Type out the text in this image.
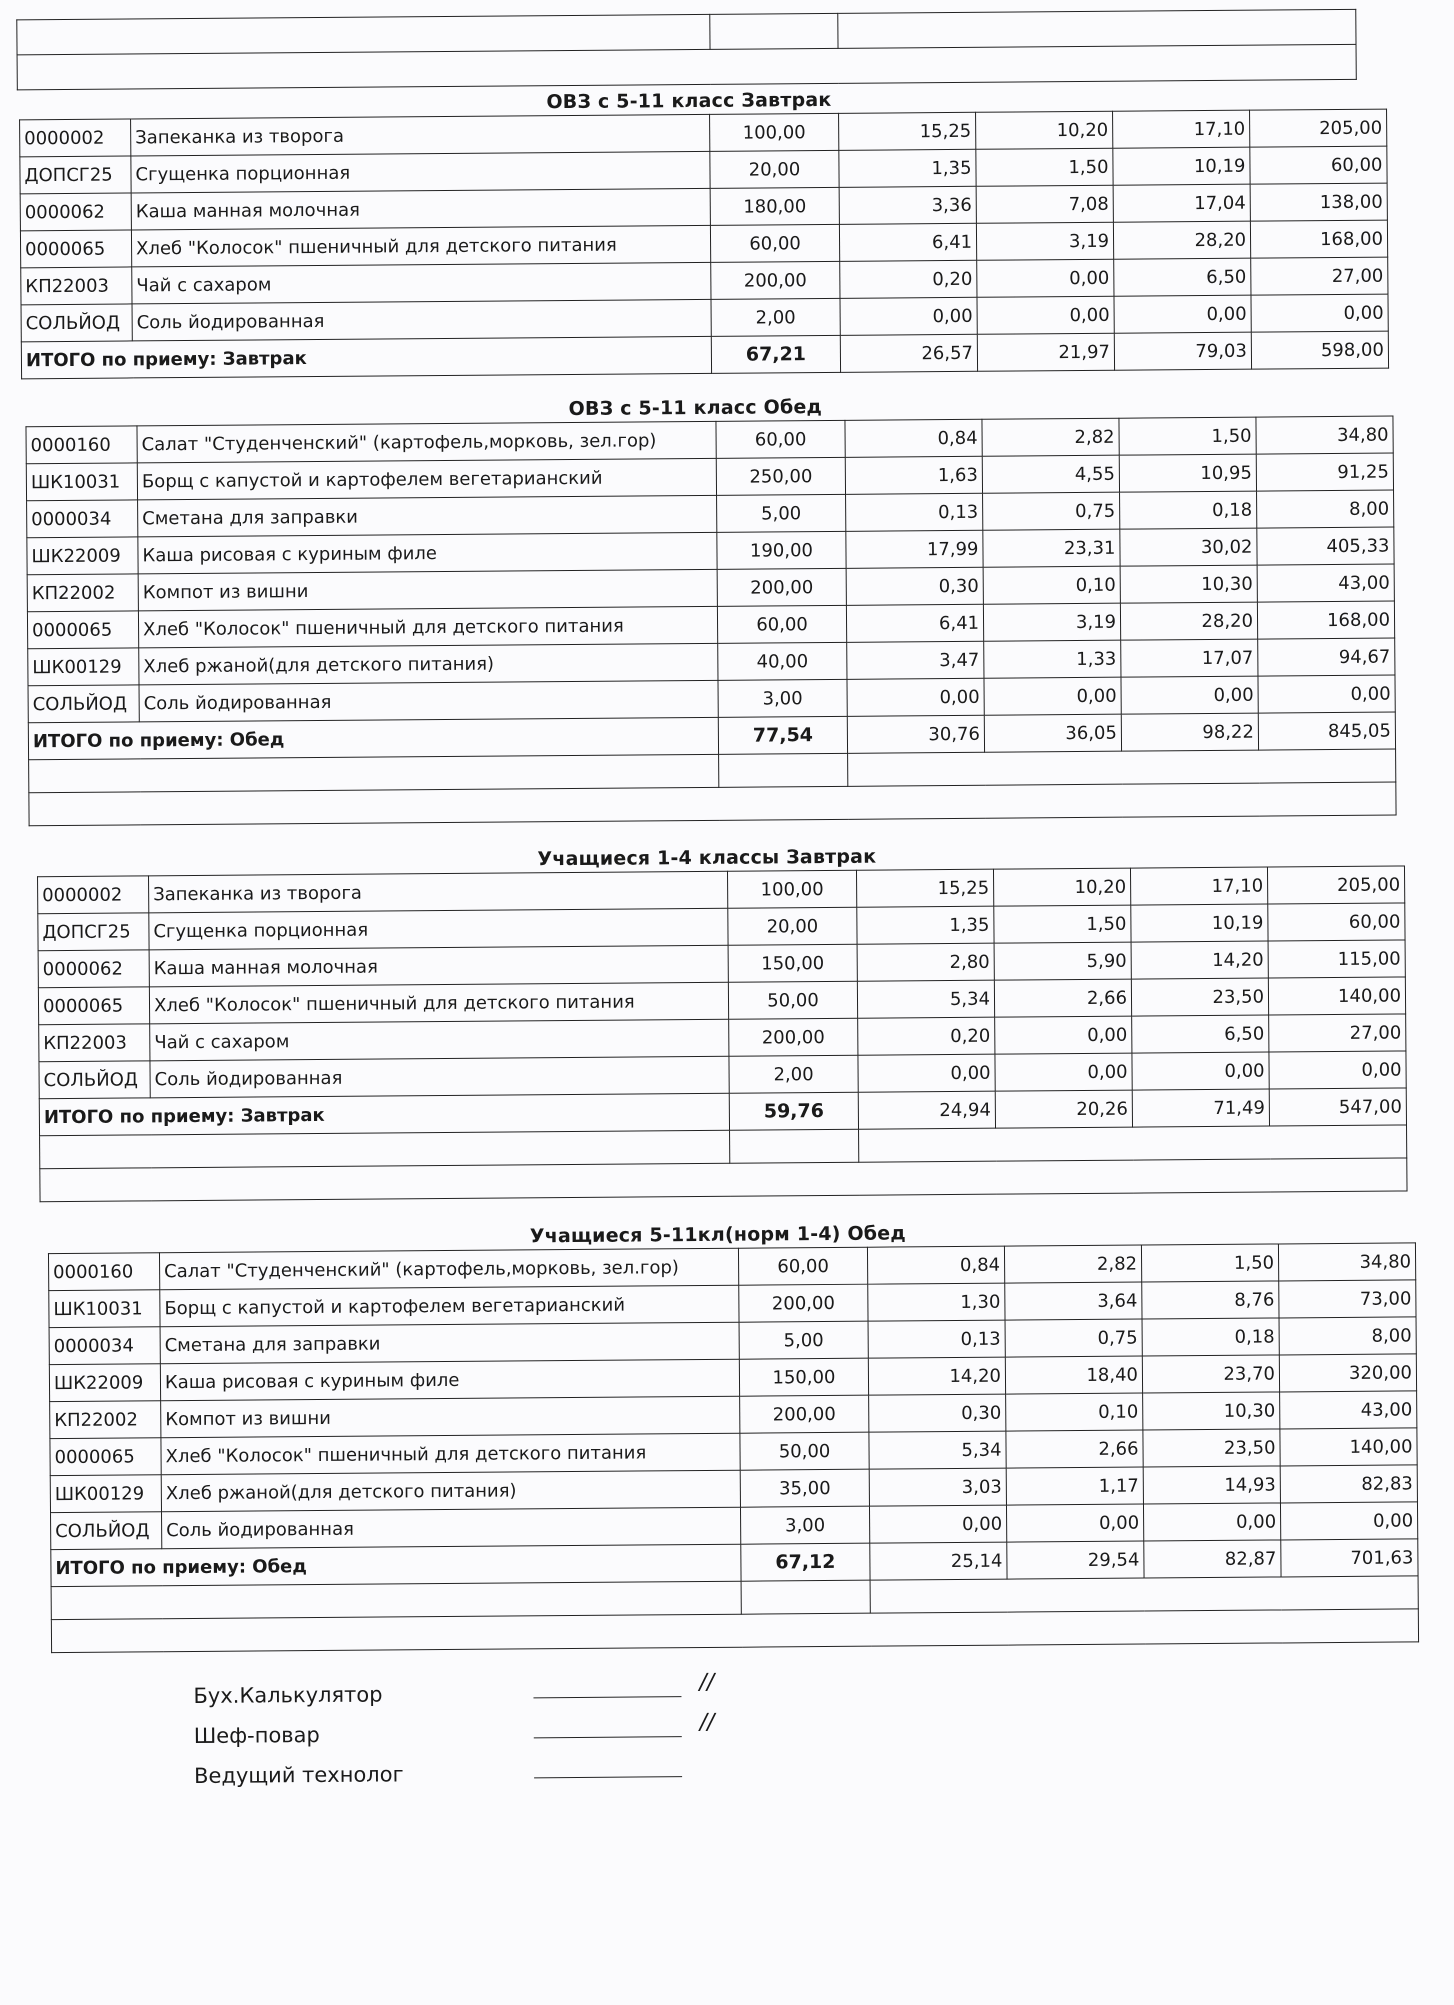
ОВЗ с 5-11 класс Завтрак
0000002	Запеканка из творога	100,00	15,25	10,20	17,10	205,00
ДОПСГ25	Сгущенка порционная	20,00	1,35	1,50	10,19	60,00
0000062	Каша манная молочная	180,00	3,36	7,08	17,04	138,00
0000065	Хлеб "Колосок" пшеничный для детского питания	60,00	6,41	3,19	28,20	168,00
КП22003	Чай с сахаром	200,00	0,20	0,00	6,50	27,00
СОЛЬЙОД	Соль йодированная	2,00	0,00	0,00	0,00	0,00
ИТОГО по приему: Завтрак		67,21	26,57	21,97	79,03	598,00
ОВЗ с 5-11 класс Обед
0000160	Салат "Студенченский" (картофель,морковь, зел.гор)	60,00	0,84	2,82	1,50	34,80
ШК10031	Борщ с капустой и картофелем вегетарианский	250,00	1,63	4,55	10,95	91,25
0000034	Сметана для заправки	5,00	0,13	0,75	0,18	8,00
ШК22009	Каша рисовая с куриным филе	190,00	17,99	23,31	30,02	405,33
КП22002	Компот из вишни	200,00	0,30	0,10	10,30	43,00
0000065	Хлеб "Колосок" пшеничный для детского питания	60,00	6,41	3,19	28,20	168,00
ШК00129	Хлеб ржаной(для детского питания)	40,00	3,47	1,33	17,07	94,67
СОЛЬЙОД	Соль йодированная	3,00	0,00	0,00	0,00	0,00
ИТОГО по приему: Обед		77,54	30,76	36,05	98,22	845,05

Учащиеся 1-4 классы Завтрак
0000002	Запеканка из творога	100,00	15,25	10,20	17,10	205,00
ДОПСГ25	Сгущенка порционная	20,00	1,35	1,50	10,19	60,00
0000062	Каша манная молочная	150,00	2,80	5,90	14,20	115,00
0000065	Хлеб "Колосок" пшеничный для детского питания	50,00	5,34	2,66	23,50	140,00
КП22003	Чай с сахаром	200,00	0,20	0,00	6,50	27,00
СОЛЬЙОД	Соль йодированная	2,00	0,00	0,00	0,00	0,00
ИТОГО по приему: Завтрак		59,76	24,94	20,26	71,49	547,00

Учащиеся 5-11кл(норм 1-4) Обед
0000160	Салат "Студенченский" (картофель,морковь, зел.гор)	60,00	0,84	2,82	1,50	34,80
ШК10031	Борщ с капустой и картофелем вегетарианский	200,00	1,30	3,64	8,76	73,00
0000034	Сметана для заправки	5,00	0,13	0,75	0,18	8,00
ШК22009	Каша рисовая с куриным филе	150,00	14,20	18,40	23,70	320,00
КП22002	Компот из вишни	200,00	0,30	0,10	10,30	43,00
0000065	Хлеб "Колосок" пшеничный для детского питания	50,00	5,34	2,66	23,50	140,00
ШК00129	Хлеб ржаной(для детского питания)	35,00	3,03	1,17	14,93	82,83
СОЛЬЙОД	Соль йодированная	3,00	0,00	0,00	0,00	0,00
ИТОГО по приему: Обед		67,12	25,14	29,54	82,87	701,63

Бух.Калькулятор
//
Шеф-повар
//
Ведущий технолог
